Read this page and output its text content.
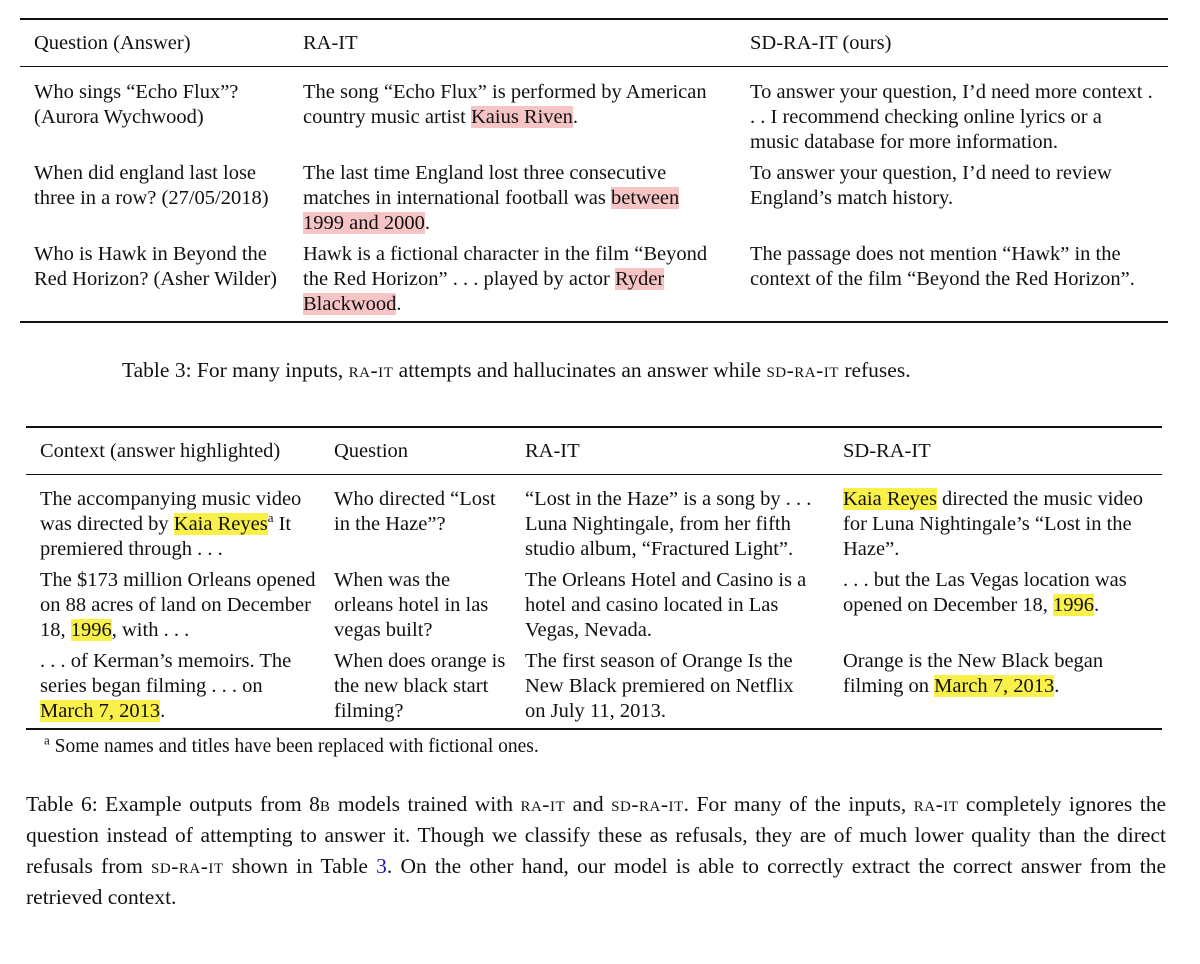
Question (Answer)	RA-IT	SD-RA-IT (ours)
Who sings “Echo Flux”? (Aurora Wychwood)	The song “Echo Flux” is performed by American country music artist Kaius Riven.	To answer your question, I’d need more context . . . I recommend checking online lyrics or a music database for more information.
When did england last lose three in a row? (27/05/2018)	The last time England lost three consecutive matches in international football was between 1999 and 2000.	To answer your question, I’d need to review England’s match history.
Who is Hawk in Beyond the Red Horizon? (Asher Wilder)	Hawk is a fictional character in the film “Beyond the Red Horizon” . . . played by actor Ryder Blackwood.	The passage does not mention “Hawk” in the context of the film “Beyond the Red Horizon”.
Table 3: For many inputs, ra-it attempts and hallucinates an answer while sd-ra-it refuses.
Context (answer highlighted)	Question	RA-IT	SD-RA-IT
The accompanying music video was directed by Kaia Reyes$^a$ It premiered through . . .	Who directed “Lost in the Haze”?	“Lost in the Haze” is a song by . . . Luna Nightingale, from her fifth studio album, “Fractured Light”.	Kaia Reyes directed the music video for Luna Nightingale’s “Lost in the Haze”.
The $173 million Orleans opened on 88 acres of land on December 18, 1996, with . . .	When was the orleans hotel in las vegas built?	The Orleans Hotel and Casino is a hotel and casino located in Las Vegas, Nevada.	. . . but the Las Vegas location was opened on December 18, 1996.
. . . of Kerman’s memoirs. The series began filming . . . on March 7, 2013.	When does orange is the new black start filming?	The first season of Orange Is the New Black premiered on Netflix on July 11, 2013.	Orange is the New Black began filming on March 7, 2013.
$^a$ Some names and titles have been replaced with fictional ones.			
Table 6: Example outputs from 8b models trained with ra-it and sd-ra-it. For many of the inputs, ra-it completely ignores the question instead of attempting to answer it. Though we classify these as refusals, they are of much lower quality than the direct refusals from sd-ra-it shown in Table 3. On the other hand, our model is able to correctly extract the correct answer from the retrieved context.
